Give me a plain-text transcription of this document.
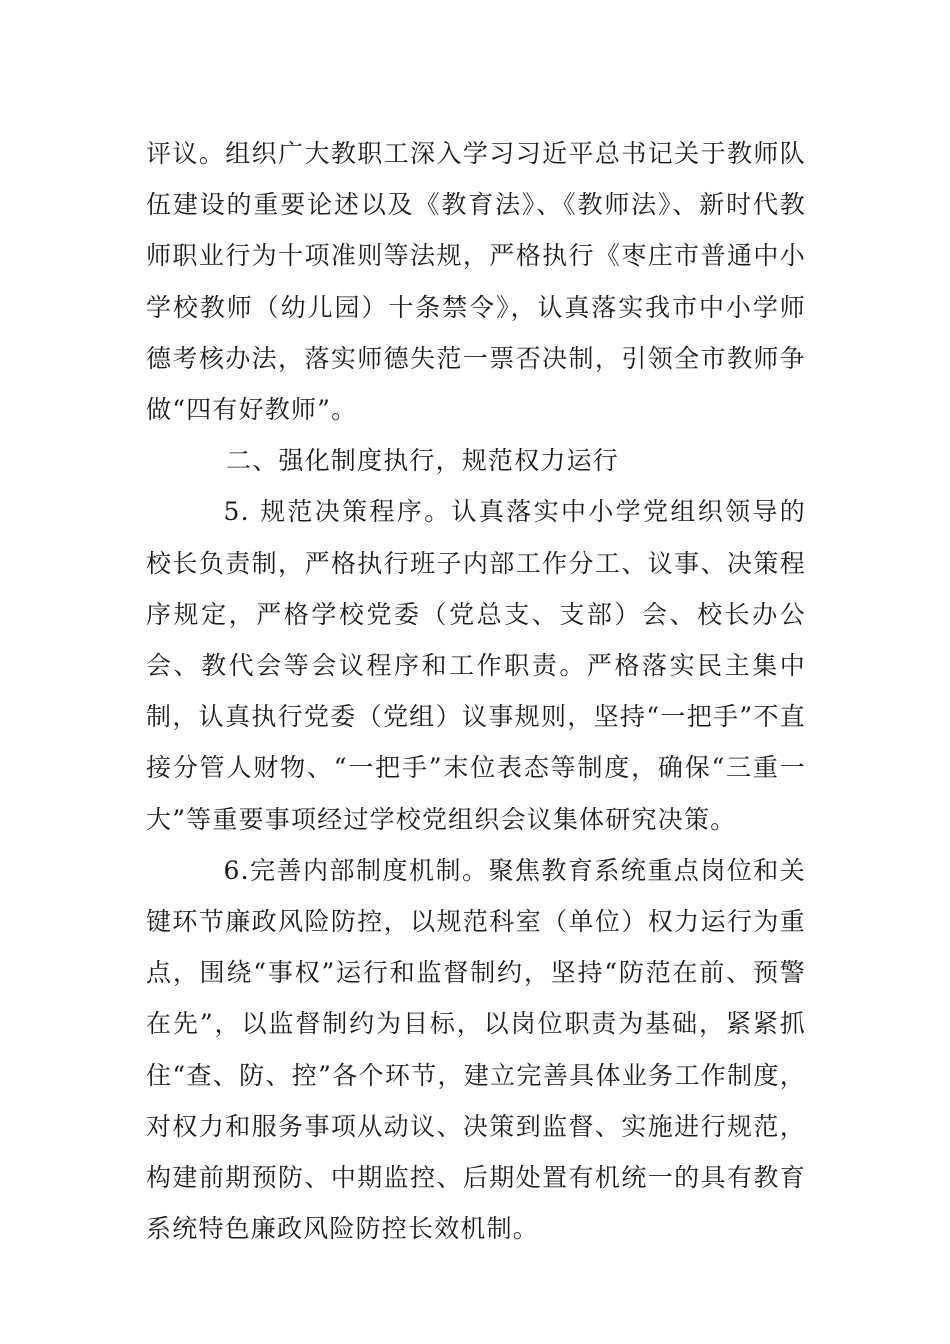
评议。组织广大教职工深入学习习近平总书记关于教师队伍建设的重要论述以及《教育法》、《教师法》、新时代教师职业行为十项准则等法规，严格执行《枣庄市普通中小学校教师（幼儿园）十条禁令》，认真落实我市中小学师德考核办法，落实师德失范一票否决制，引领全市教师争做“四有好教师”。

二、强化制度执行，规范权力运行

5. 规范决策程序。认真落实中小学党组织领导的校长负责制，严格执行班子内部工作分工、议事、决策程序规定，严格学校党委（党总支、支部）会、校长办公会、教代会等会议程序和工作职责。严格落实民主集中制，认真执行党委（党组）议事规则，坚持“一把手”不直接分管人财物、“一把手”末位表态等制度，确保“三重一大”等重要事项经过学校党组织会议集体研究决策。

6.完善内部制度机制。聚焦教育系统重点岗位和关键环节廉政风险防控，以规范科室（单位）权力运行为重点，围绕“事权”运行和监督制约，坚持“防范在前、预警在先”，以监督制约为目标，以岗位职责为基础，紧紧抓住“查、防、控”各个环节，建立完善具体业务工作制度，对权力和服务事项从动议、决策到监督、实施进行规范，构建前期预防、中期监控、后期处置有机统一的具有教育系统特色廉政风险防控长效机制。
